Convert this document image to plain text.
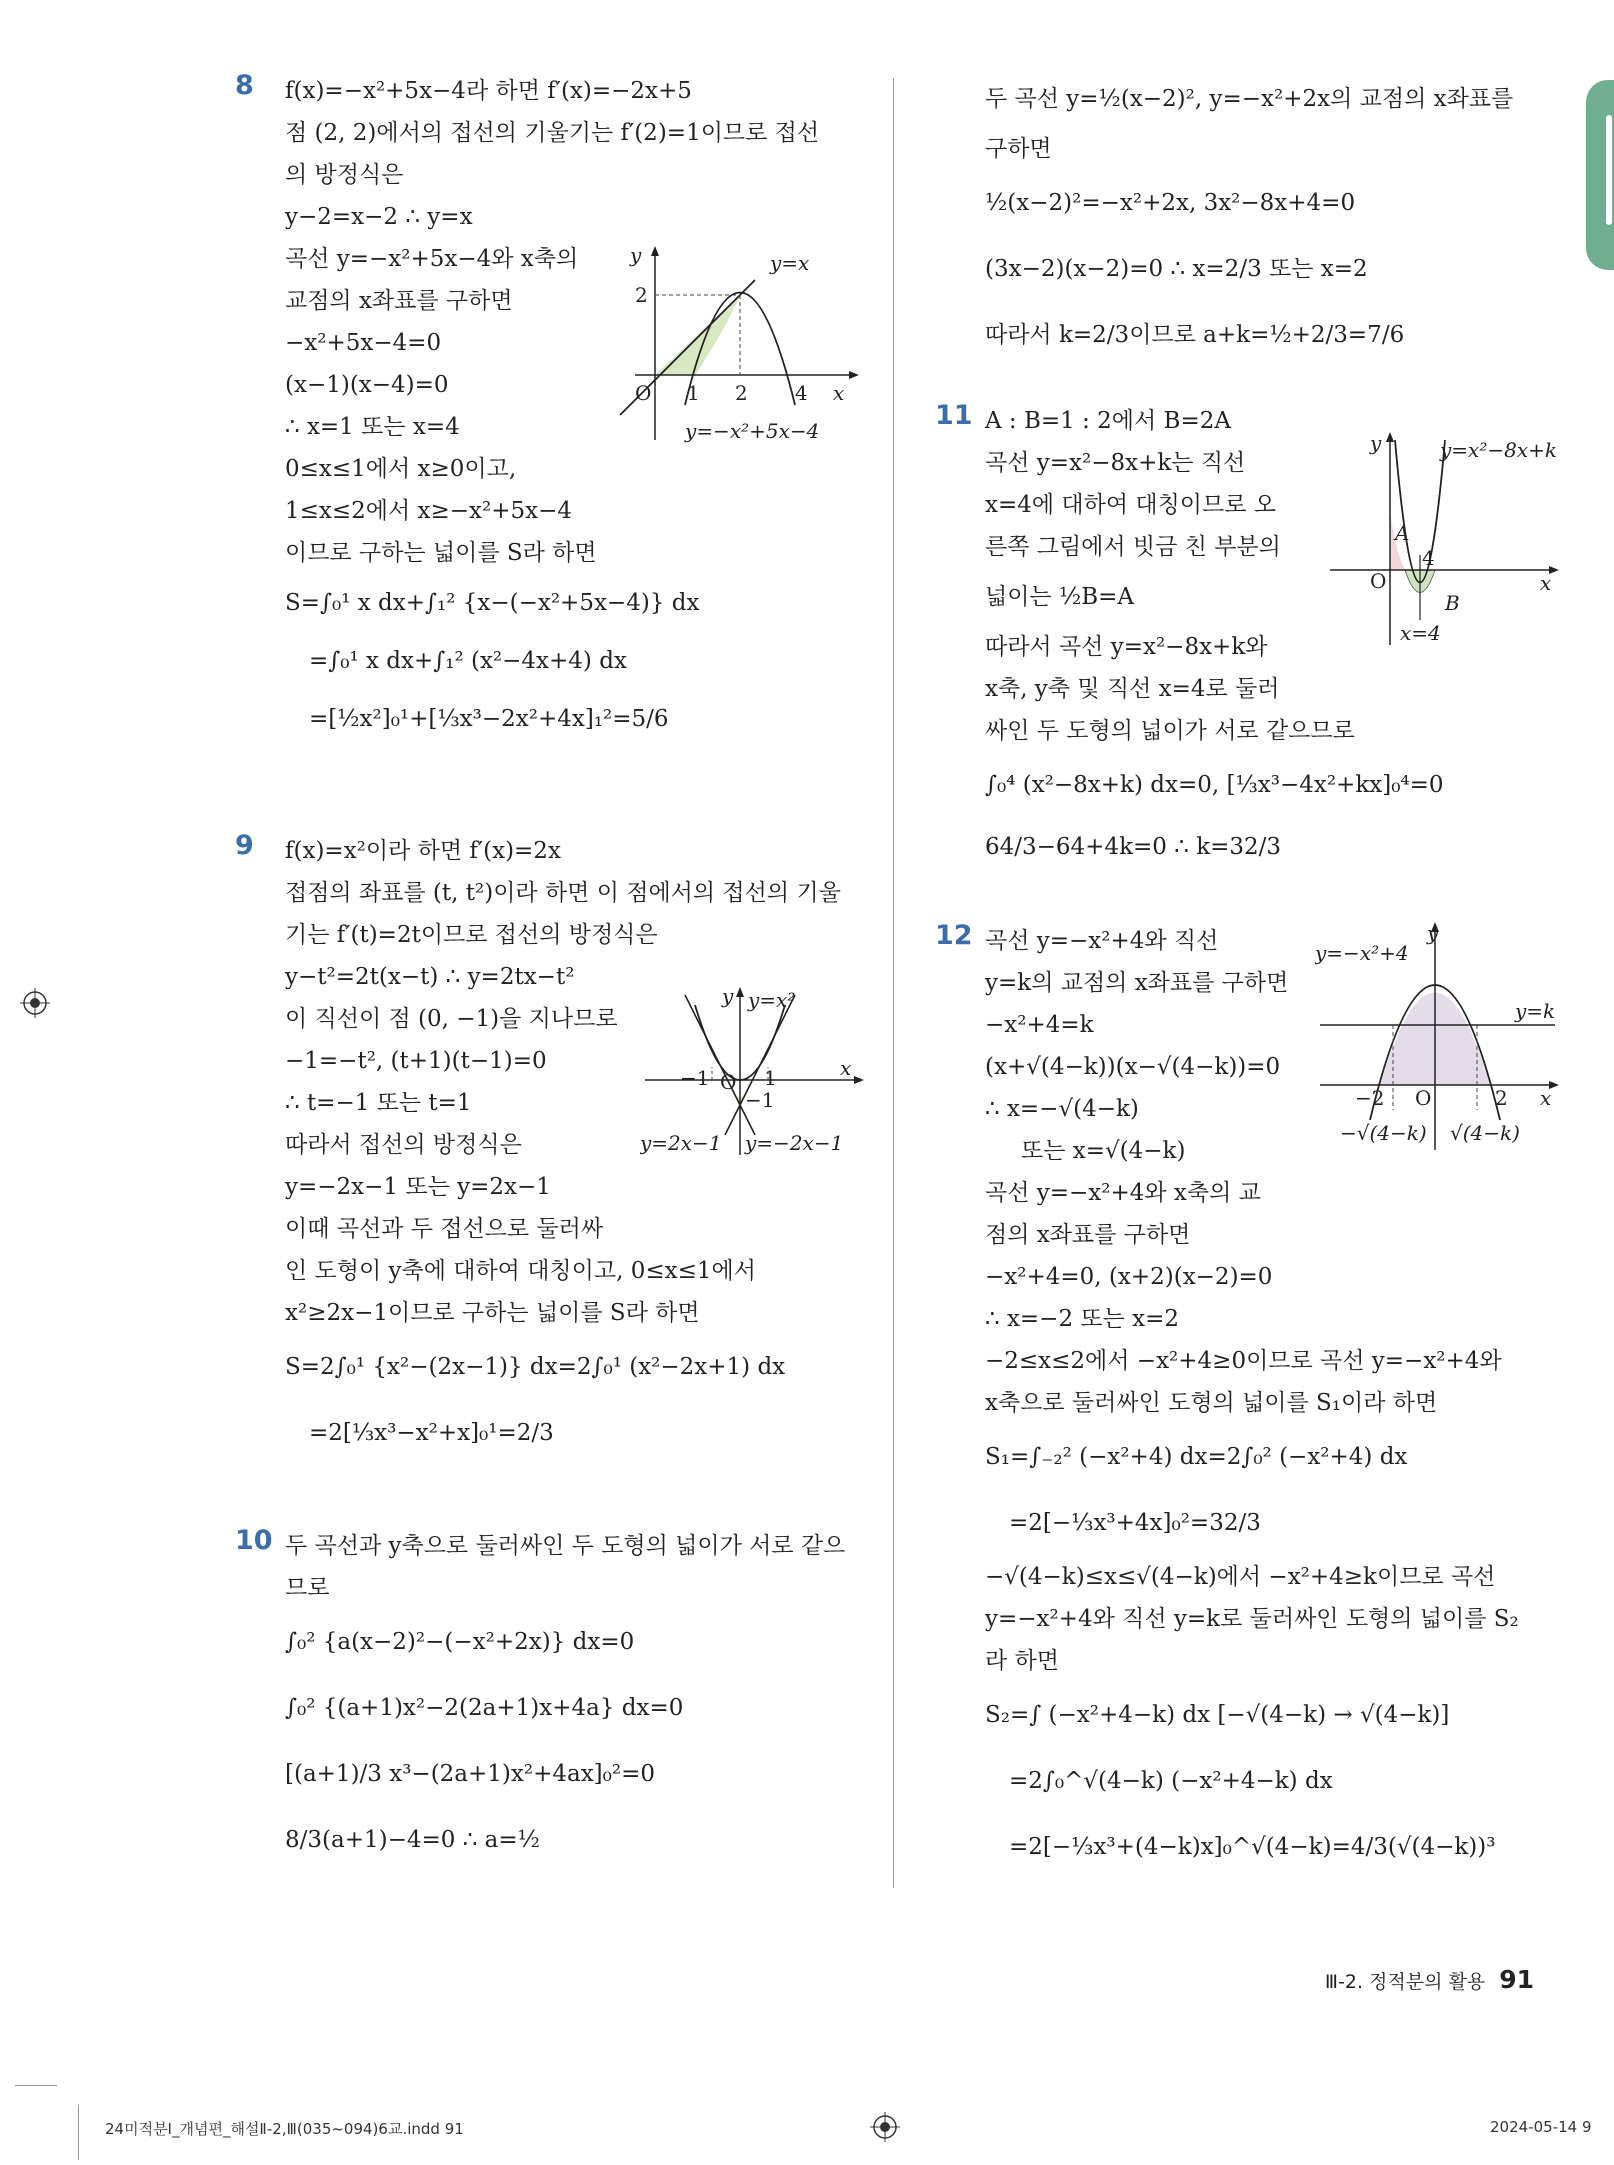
8	f(x)=−x²+5x−4라 하면 f′(x)=−2x+5
점 (2, 2)에서의 접선의 기울기는 f′(2)=1이므로 접선
의 방정식은
y−2=x−2 ∴ y=x
곡선 y=−x²+5x−4와 x축의
교점의 x좌표를 구하면
−x²+5x−4=0
(x−1)(x−4)=0
∴ x=1 또는 x=4
0≤x≤1에서 x≥0이고,
1≤x≤2에서 x≥−x²+5x−4
이므로 구하는 넓이를 S라 하면
S=∫₀¹ x dx+∫₁² {x−(−x²+5x−4)} dx
=∫₀¹ x dx+∫₁² (x²−4x+4) dx
=[½x²]₀¹+[⅓x³−2x²+4x]₁²=5/6
y	y=x
2
O 1 2 4 x
y=−x²+5x−4
9	f(x)=x²이라 하면 f′(x)=2x
접점의 좌표를 (t, t²)이라 하면 이 점에서의 접선의 기울
기는 f′(t)=2t이므로 접선의 방정식은
y−t²=2t(x−t) ∴ y=2tx−t²
이 직선이 점 (0, −1)을 지나므로
−1=−t², (t+1)(t−1)=0
∴ t=−1 또는 t=1
따라서 접선의 방정식은
y=−2x−1 또는 y=2x−1
이때 곡선과 두 접선으로 둘러싸
인 도형이 y축에 대하여 대칭이고, 0≤x≤1에서
x²≥2x−1이므로 구하는 넓이를 S라 하면
S=2∫₀¹ {x²−(2x−1)} dx=2∫₀¹ (x²−2x+1) dx
=2[⅓x³−x²+x]₀¹=2/3
y y=x²
−1 O 1	x
−1
y=2x−1 y=−2x−1
10 두 곡선과 y축으로 둘러싸인 두 도형의 넓이가 서로 같으
므로
∫₀² {a(x−2)²−(−x²+2x)} dx=0
∫₀² {(a+1)x²−2(2a+1)x+4a} dx=0
[(a+1)/3 x³−(2a+1)x²+4ax]₀²=0
8/3(a+1)−4=0 ∴ a=½
두 곡선 y=½(x−2)², y=−x²+2x의 교점의 x좌표를
구하면
½(x−2)²=−x²+2x, 3x²−8x+4=0
(3x−2)(x−2)=0 ∴ x=2/3 또는 x=2
따라서 k=2/3이므로 a+k=½+2/3=7/6
11 A : B=1 : 2에서 B=2A
곡선 y=x²−8x+k는 직선
x=4에 대하여 대칭이므로 오
른쪽 그림에서 빗금 친 부분의
넓이는 ½B=A
따라서 곡선 y=x²−8x+k와
x축, y축 및 직선 x=4로 둘러
싸인 두 도형의 넓이가 서로 같으므로
∫₀⁴ (x²−8x+k) dx=0, [⅓x³−4x²+kx]₀⁴=0
64/3−64+4k=0 ∴ k=32/3
y	y=x²−8x+k
A
4
O	x
B
x=4
12 곡선 y=−x²+4와 직선
y=k의 교점의 x좌표를 구하면
−x²+4=k
(x+√(4−k))(x−√(4−k))=0
∴ x=−√(4−k)
또는 x=√(4−k)
곡선 y=−x²+4와 x축의 교
점의 x좌표를 구하면
−x²+4=0, (x+2)(x−2)=0
∴ x=−2 또는 x=2
−2≤x≤2에서 −x²+4≥0이므로 곡선 y=−x²+4와
x축으로 둘러싸인 도형의 넓이를 S₁이라 하면
S₁=∫₋₂² (−x²+4) dx=2∫₀² (−x²+4) dx
=2[−⅓x³+4x]₀²=32/3
−√(4−k)≤x≤√(4−k)에서 −x²+4≥k이므로 곡선
y=−x²+4와 직선 y=k로 둘러싸인 도형의 넓이를 S₂
라 하면
S₂=∫ (−x²+4−k) dx [−√(4−k) → √(4−k)]
=2∫₀^√(4−k) (−x²+4−k) dx
=2[−⅓x³+(4−k)x]₀^√(4−k)=4/3(√(4−k))³
y
y=−x²+4
y=k
−2 O	2 x
−√(4−k) √(4−k)
Ⅲ-2. 정적분의 활용 91
24미적분Ⅰ_개념편_해설Ⅱ-2,Ⅲ(035~094)6교.indd 91	2024-05-14 9
